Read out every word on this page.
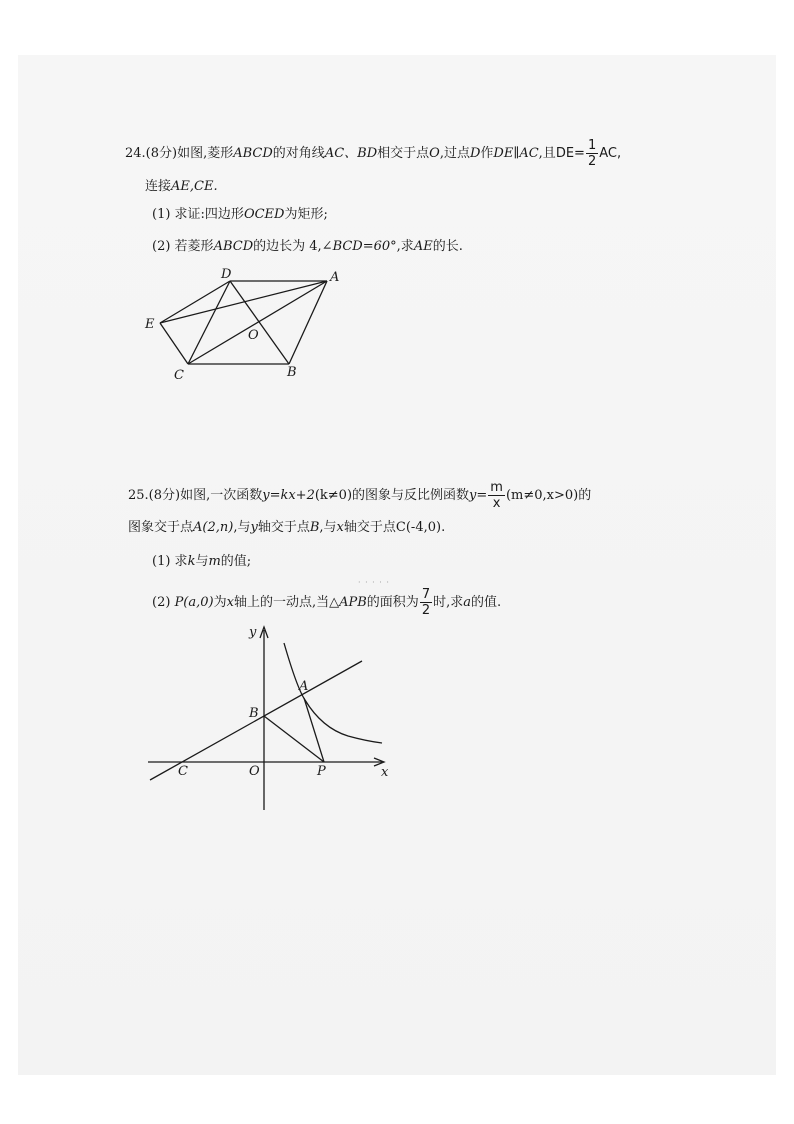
24.(8分)如图,菱形ABCD的对角线AC、BD相交于点O,过点D作DE∥AC,且$DE= \frac{1}{2}$ AC,
连接AE,CE.
(1) 求证:四边形OCED为矩形;
(2) 若菱形ABCD的边长为 4,∠BCD=60°,求AE的长.
D	A
E
O
C	B
25.(8分)如图,一次函数y=kx+2(k≠0)的图象与反比例函数$y= \frac{m}{x} (m\ne 0,x>0)$的
图象交于点A(2,n),与y轴交于点B,与x轴交于点C(-4,0).
(1) 求k与m的值;
· · · · ·
(2) P(a,0)为x轴上的一动点,当△APB的面积为 $\frac{7}{2}$ 时,求a的值.
y
A
B
C	O	P	x
